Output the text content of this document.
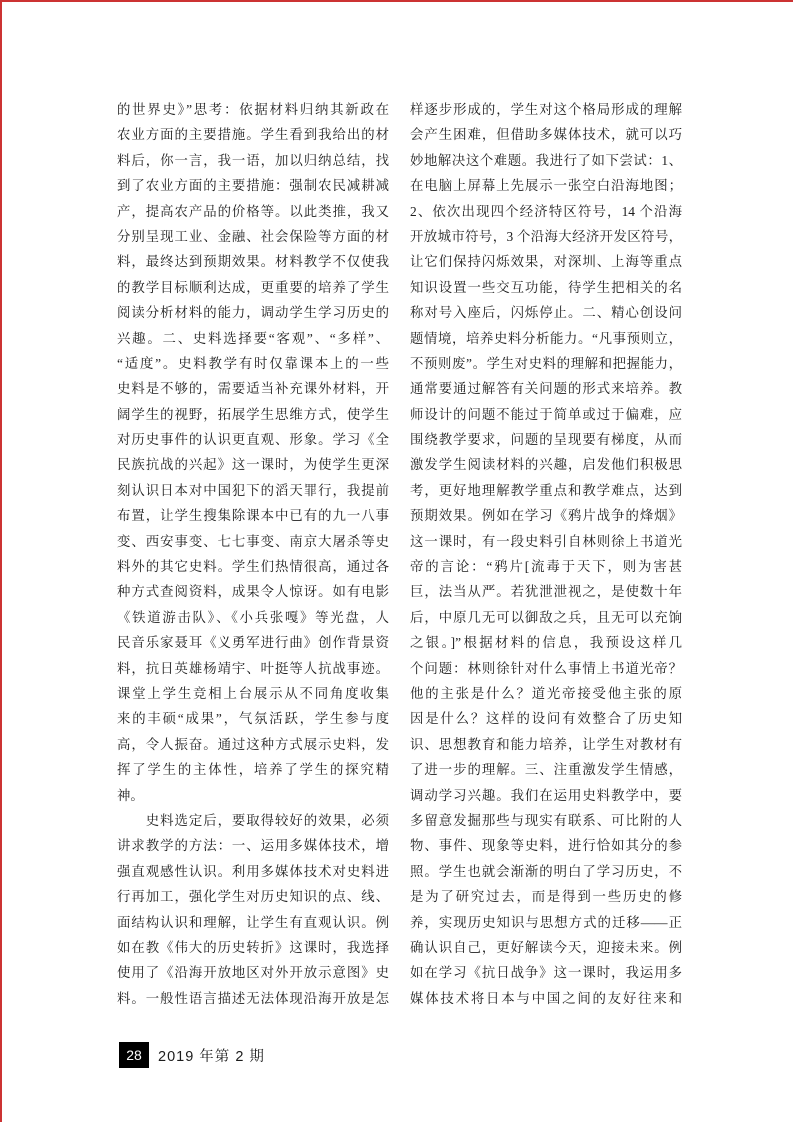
的世界史》”思考：依据材料归纳其新政在
农业方面的主要措施。学生看到我给出的材
料后，你一言，我一语，加以归纳总结，找
到了农业方面的主要措施：强制农民减耕减
产，提高农产品的价格等。以此类推，我又
分别呈现工业、金融、社会保险等方面的材
料，最终达到预期效果。材料教学不仅使我
的教学目标顺利达成，更重要的培养了学生
阅读分析材料的能力，调动学生学习历史的
兴趣。二、史料选择要“客观”、“多样”、
“适度”。史料教学有时仅靠课本上的一些
史料是不够的，需要适当补充课外材料，开
阔学生的视野，拓展学生思维方式，使学生
对历史事件的认识更直观、形象。学习《全
民族抗战的兴起》这一课时，为使学生更深
刻认识日本对中国犯下的滔天罪行，我提前
布置，让学生搜集除课本中已有的九一八事
变、西安事变、七七事变、南京大屠杀等史
料外的其它史料。学生们热情很高，通过各
种方式查阅资料，成果令人惊讶。如有电影
《铁道游击队》、《小兵张嘎》等光盘，人
民音乐家聂耳《义勇军进行曲》创作背景资
料，抗日英雄杨靖宇、叶挺等人抗战事迹。
课堂上学生竞相上台展示从不同角度收集
来的丰硕“成果”，气氛活跃，学生参与度
高，令人振奋。通过这种方式展示史料，发
挥了学生的主体性，培养了学生的探究精
神。
　　史料选定后，要取得较好的效果，必须
讲求教学的方法：一、运用多媒体技术，增
强直观感性认识。利用多媒体技术对史料进
行再加工，强化学生对历史知识的点、线、
面结构认识和理解，让学生有直观认识。例
如在教《伟大的历史转折》这课时，我选择
使用了《沿海开放地区对外开放示意图》史
料。一般性语言描述无法体现沿海开放是怎
样逐步形成的，学生对这个格局形成的理解
会产生困难，但借助多媒体技术，就可以巧
妙地解决这个难题。我进行了如下尝试：1、
在电脑上屏幕上先展示一张空白沿海地图；
2、依次出现四个经济特区符号，14 个沿海
开放城市符号，3 个沿海大经济开发区符号，
让它们保持闪烁效果，对深圳、上海等重点
知识设置一些交互功能，待学生把相关的名
称对号入座后，闪烁停止。二、精心创设问
题情境，培养史料分析能力。“凡事预则立，
不预则废”。学生对史料的理解和把握能力，
通常要通过解答有关问题的形式来培养。教
师设计的问题不能过于简单或过于偏难，应
围绕教学要求，问题的呈现要有梯度，从而
激发学生阅读材料的兴趣，启发他们积极思
考，更好地理解教学重点和教学难点，达到
预期效果。例如在学习《鸦片战争的烽烟》
这一课时，有一段史料引自林则徐上书道光
帝的言论：“鸦片[流毒于天下，则为害甚
巨，法当从严。若犹泄泄视之，是使数十年
后，中原几无可以御敌之兵，且无可以充饷
之银。]”根据材料的信息，我预设这样几
个问题：林则徐针对什么事情上书道光帝？
他的主张是什么？道光帝接受他主张的原
因是什么？这样的设问有效整合了历史知
识、思想教育和能力培养，让学生对教材有
了进一步的理解。三、注重激发学生情感，
调动学习兴趣。我们在运用史料教学中，要
多留意发掘那些与现实有联系、可比附的人
物、事件、现象等史料，进行恰如其分的参
照。学生也就会渐渐的明白了学习历史，不
是为了研究过去，而是得到一些历史的修
养，实现历史知识与思想方式的迁移——正
确认识自己，更好解读今天，迎接未来。例
如在学习《抗日战争》这一课时，我运用多
媒体技术将日本与中国之间的友好往来和
28	2019 年第 2 期
